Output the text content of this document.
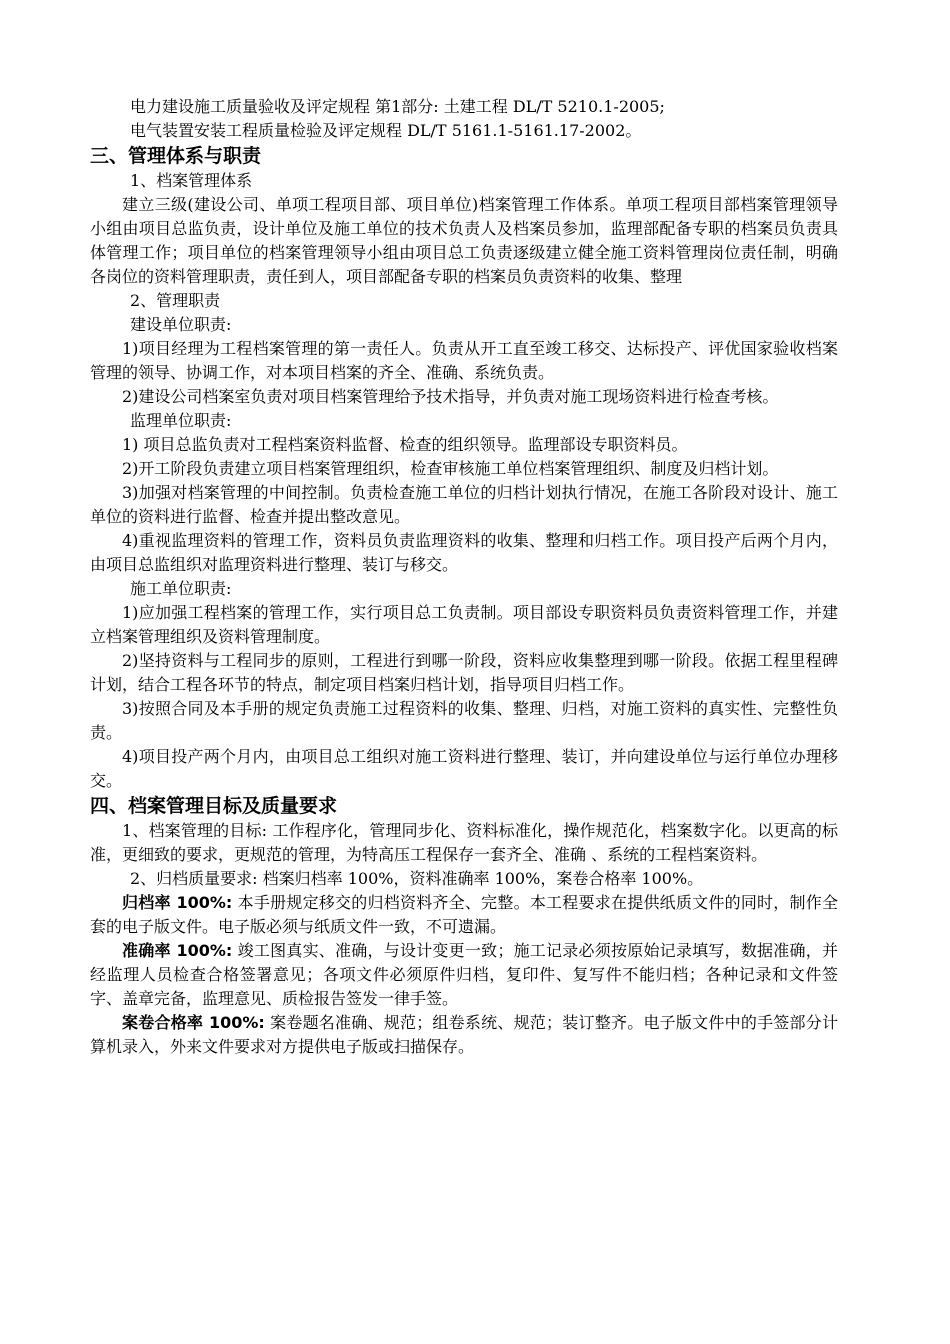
电力建设施工质量验收及评定规程 第1部分: 土建工程 DL/T 5210.1-2005;
电气装置安装工程质量检验及评定规程 DL/T 5161.1-5161.17-2002。
三、管理体系与职责
1、档案管理体系

建立三级(建设公司、单项工程项目部、项目单位)档案管理工作体系。单项工程项目部档案管理领导小组由项目总监负责，设计单位及施工单位的技术负责人及档案员参加，监理部配备专职的档案员负责具体管理工作；项目单位的档案管理领导小组由项目总工负责逐级建立健全施工资料管理岗位责任制，明确各岗位的资料管理职责，责任到人，项目部配备专职的档案员负责资料的收集、整理

2、管理职责
建设单位职责:

1)项目经理为工程档案管理的第一责任人。负责从开工直至竣工移交、达标投产、评优国家验收档案管理的领导、协调工作，对本项目档案的齐全、准确、系统负责。

2)建设公司档案室负责对项目档案管理给予技术指导，并负责对施工现场资料进行检查考核。

监理单位职责:

1) 项目总监负责对工程档案资料监督、检查的组织领导。监理部设专职资料员。

2)开工阶段负责建立项目档案管理组织，检查审核施工单位档案管理组织、制度及归档计划。

3)加强对档案管理的中间控制。负责检查施工单位的归档计划执行情况，在施工各阶段对设计、施工单位的资料进行监督、检查并提出整改意见。

4)重视监理资料的管理工作，资料员负责监理资料的收集、整理和归档工作。项目投产后两个月内，由项目总监组织对监理资料进行整理、装订与移交。

施工单位职责:

1)应加强工程档案的管理工作，实行项目总工负责制。项目部设专职资料员负责资料管理工作，并建立档案管理组织及资料管理制度。

2)坚持资料与工程同步的原则，工程进行到哪一阶段，资料应收集整理到哪一阶段。依据工程里程碑计划，结合工程各环节的特点，制定项目档案归档计划，指导项目归档工作。

3)按照合同及本手册的规定负责施工过程资料的收集、整理、归档，对施工资料的真实性、完整性负责。

4)项目投产两个月内，由项目总工组织对施工资料进行整理、装订，并向建设单位与运行单位办理移交。

四、档案管理目标及质量要求

1、档案管理的目标: 工作程序化，管理同步化、资料标准化，操作规范化，档案数字化。以更高的标准，更细致的要求，更规范的管理，为特高压工程保存一套齐全、准确 、系统的工程档案资料。

2、归档质量要求: 档案归档率 100%，资料准确率 100%，案卷合格率 100%。

归档率 100%: 本手册规定移交的归档资料齐全、完整。本工程要求在提供纸质文件的同时，制作全套的电子版文件。电子版必须与纸质文件一致，不可遗漏。

准确率 100%: 竣工图真实、准确，与设计变更一致；施工记录必须按原始记录填写，数据准确，并经监理人员检查合格签署意见；各项文件必须原件归档，复印件、复写件不能归档；各种记录和文件签字、盖章完备，监理意见、质检报告签发一律手签。

案卷合格率 100%: 案卷题名准确、规范；组卷系统、规范；装订整齐。电子版文件中的手签部分计算机录入，外来文件要求对方提供电子版或扫描保存。
